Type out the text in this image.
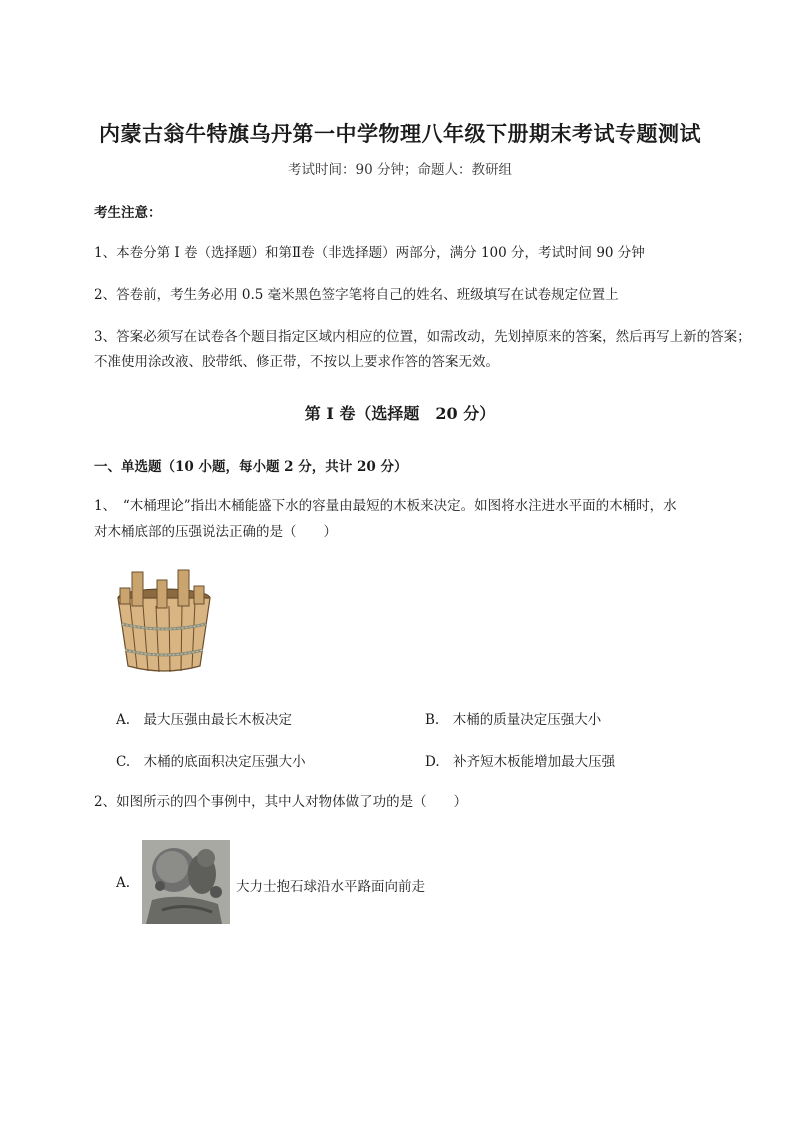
内蒙古翁牛特旗乌丹第一中学物理八年级下册期末考试专题测试
考试时间：90 分钟；命题人：教研组
考生注意：
1、本卷分第 I 卷（选择题）和第Ⅱ卷（非选择题）两部分，满分 100 分，考试时间 90 分钟
2、答卷前，考生务必用 0.5 毫米黑色签字笔将自己的姓名、班级填写在试卷规定位置上
3、答案必须写在试卷各个题目指定区域内相应的位置，如需改动，先划掉原来的答案，然后再写上新的答案；不准使用涂改液、胶带纸、修正带，不按以上要求作答的答案无效。
第 I 卷（选择题　20 分）
一、单选题（10 小题，每小题 2 分，共计 20 分）
1、　“木桶理论”指出木桶能盛下水的容量由最短的木板来决定。如图将水注进水平面的木桶时，水
对木桶底部的压强说法正确的是（　　）
A.　最大压强由最长木板决定	B.　木桶的质量决定压强大小
C.　木桶的底面积决定压强大小	D.　补齐短木板能增加最大压强
2、如图所示的四个事例中，其中人对物体做了功的是（　　）
A.	大力士抱石球沿水平路面向前走
